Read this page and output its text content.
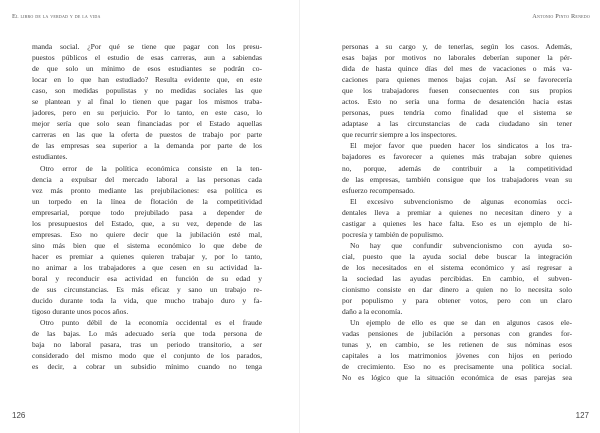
El libro de la verdad y de la vida
manda social. ¿Por qué se tiene que pagar con los presu-
puestos públicos el estudio de esas carreras, aun a sabiendas
de que solo un mínimo de esos estudiantes se podrán co-
locar en lo que han estudiado? Resulta evidente que, en este
caso, son medidas populistas y no medidas sociales las que
se plantean y al final lo tienen que pagar los mismos traba-
jadores, pero en su perjuicio. Por lo tanto, en este caso, lo
mejor sería que solo sean financiadas por el Estado aquellas
carreras en las que la oferta de puestos de trabajo por parte
de las empresas sea superior a la demanda por parte de los
estudiantes.
Otro error de la política económica consiste en la ten-
dencia a expulsar del mercado laboral a las personas cada
vez más pronto mediante las prejubilaciones: esa política es
un torpedo en la línea de flotación de la competitividad
empresarial, porque todo prejubilado pasa a depender de
los presupuestos del Estado, que, a su vez, depende de las
empresas. Eso no quiere decir que la jubilación esté mal,
sino más bien que el sistema económico lo que debe de
hacer es premiar a quienes quieren trabajar y, por lo tanto,
no animar a los trabajadores a que cesen en su actividad la-
boral y reconducir esa actividad en función de su edad y
de sus circunstancias. Es más eficaz y sano un trabajo re-
ducido durante toda la vida, que mucho trabajo duro y fa-
tigoso durante unos pocos años.
Otro punto débil de la economía occidental es el fraude
de las bajas. Lo más adecuado sería que toda persona de
baja no laboral pasara, tras un periodo transitorio, a ser
considerado del mismo modo que el conjunto de los parados,
es decir, a cobrar un subsidio mínimo cuando no tenga
126
Antonio Pinto Renedo
personas a su cargo y, de tenerlas, según los casos. Además,
esas bajas por motivos no laborales deberían suponer la pér-
dida de hasta quince días del mes de vacaciones o más va-
caciones para quienes menos bajas cojan. Así se favorecería
que los trabajadores fuesen consecuentes con sus propios
actos. Esto no sería una forma de desatención hacia estas
personas, pues tendría como finalidad que el sistema se
adaptase a las circunstancias de cada ciudadano sin tener
que recurrir siempre a los inspectores.
El mejor favor que pueden hacer los sindicatos a los tra-
bajadores es favorecer a quienes más trabajan sobre quienes
no, porque, además de contribuir a la competitividad
de las empresas, también consigue que los trabajadores vean su
esfuerzo recompensado.
El excesivo subvencionismo de algunas economías occi-
dentales lleva a premiar a quienes no necesitan dinero y a
castigar a quienes les hace falta. Eso es un ejemplo de hi-
pocresía y también de populismo.
No hay que confundir subvencionismo con ayuda so-
cial, puesto que la ayuda social debe buscar la integración
de los necesitados en el sistema económico y así regresar a
la sociedad las ayudas percibidas. En cambio, el subven-
cionismo consiste en dar dinero a quien no lo necesita solo
por populismo y para obtener votos, pero con un claro
daño a la economía.
Un ejemplo de ello es que se dan en algunos casos ele-
vadas pensiones de jubilación a personas con grandes for-
tunas y, en cambio, se les retienen de sus nóminas esos
capitales a los matrimonios jóvenes con hijos en periodo
de crecimiento. Eso no es precisamente una política social.
No es lógico que la situación económica de esas parejas sea
127
